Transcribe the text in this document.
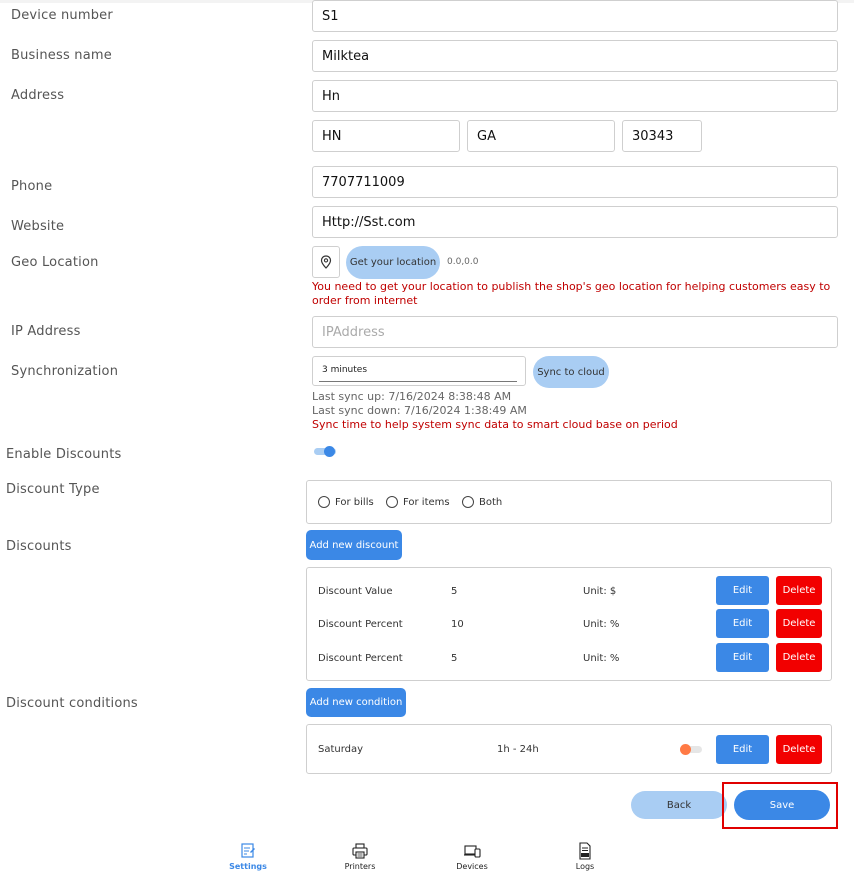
Device number	S1
Business name	Milktea
Address	Hn
HN	GA	30343
Phone	7707711009
Website	Http://Sst.com
Geo Location	Get your location	0.0,0.0
You need to get your location to publish the shop's geo location for helping customers easy to order from internet
IP Address	IPAddress
Synchronization	3 minutes	Sync to cloud
Last sync up: 7/16/2024 8:38:48 AM
Last sync down: 7/16/2024 1:38:49 AM
Sync time to help system sync data to smart cloud base on period
Enable Discounts
Discount Type
For bills	For items	Both
Discounts	Add new discount
Discount Value	5	Unit: $	Edit	Delete
Discount Percent	10	Unit: %	Edit	Delete
Discount Percent	5	Unit: %	Edit	Delete
Discount conditions	Add new condition
Saturday	1h - 24h	Edit	Delete
Back	Save
Settings	Printers	Devices	Logs
